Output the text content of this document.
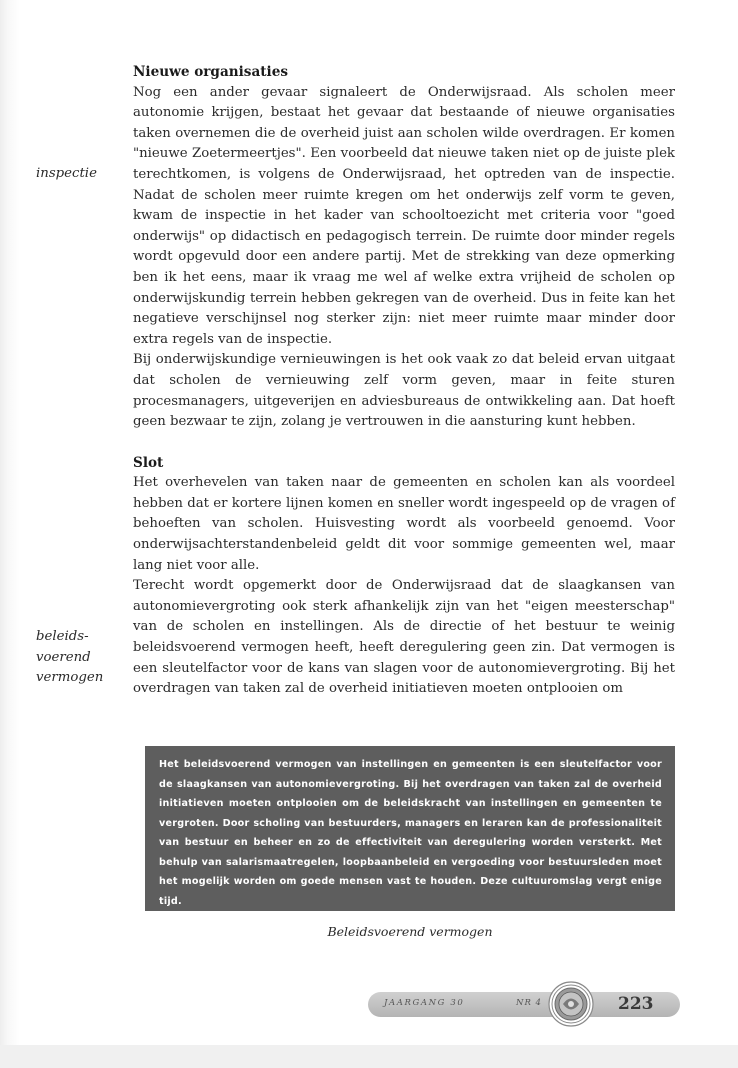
Nieuwe organisaties

Nog een ander gevaar signaleert de Onderwijsraad. Als scholen meer autonomie krijgen, bestaat het gevaar dat bestaande of nieuwe organisaties taken overnemen die de overheid juist aan scholen wilde overdragen. Er komen "nieuwe Zoetermeertjes". Een voorbeeld dat nieuwe taken niet op de juiste plek terechtkomen, is volgens de Onderwijsraad, het optreden van de inspectie. Nadat de scholen meer ruimte kregen om het onderwijs zelf vorm te geven, kwam de inspectie in het kader van schooltoezicht met criteria voor "goed onderwijs" op didactisch en pedagogisch terrein. De ruimte door minder regels wordt opgevuld door een andere partij. Met de strekking van deze opmerking ben ik het eens, maar ik vraag me wel af welke extra vrijheid de scholen op onderwijskundig terrein hebben gekregen van de overheid. Dus in feite kan het negatieve verschijnsel nog sterker zijn: niet meer ruimte maar minder door extra regels van de inspectie.

Bij onderwijskundige vernieuwingen is het ook vaak zo dat beleid ervan uitgaat dat scholen de vernieuwing zelf vorm geven, maar in feite sturen procesmanagers, uitgeverijen en adviesbureaus de ontwikkeling aan. Dat hoeft geen bezwaar te zijn, zolang je vertrouwen in die aansturing kunt hebben.

Slot

Het overhevelen van taken naar de gemeenten en scholen kan als voordeel hebben dat er kortere lijnen komen en sneller wordt ingespeeld op de vragen of behoeften van scholen. Huisvesting wordt als voorbeeld genoemd. Voor onderwijsachterstandenbeleid geldt dit voor sommige gemeenten wel, maar lang niet voor alle.

Terecht wordt opgemerkt door de Onderwijsraad dat de slaagkansen van autonomievergroting ook sterk afhankelijk zijn van het "eigen meesterschap" van de scholen en instellingen. Als de directie of het bestuur te weinig beleidsvoerend vermogen heeft, heeft deregulering geen zin. Dat vermogen is een sleutelfactor voor de kans van slagen voor de autonomievergroting. Bij het overdragen van taken zal de overheid initiatieven moeten ontplooien om

inspectie
beleids-
voerend
vermogen
Het beleidsvoerend vermogen van instellingen en gemeenten is een sleutelfactor voor de slaagkansen van autonomievergroting. Bij het overdragen van taken zal de overheid initiatieven moeten ontplooien om de beleidskracht van instellingen en gemeenten te vergroten. Door scholing van bestuurders, managers en leraren kan de professionaliteit van bestuur en beheer en zo de effectiviteit van deregulering worden versterkt. Met behulp van salarismaatregelen, loopbaanbeleid en vergoeding voor bestuursleden moet het mogelijk worden om goede mensen vast te houden. Deze cultuuromslag vergt enige tijd.
Beleidsvoerend vermogen
JAARGANG 30	NR 4	223
